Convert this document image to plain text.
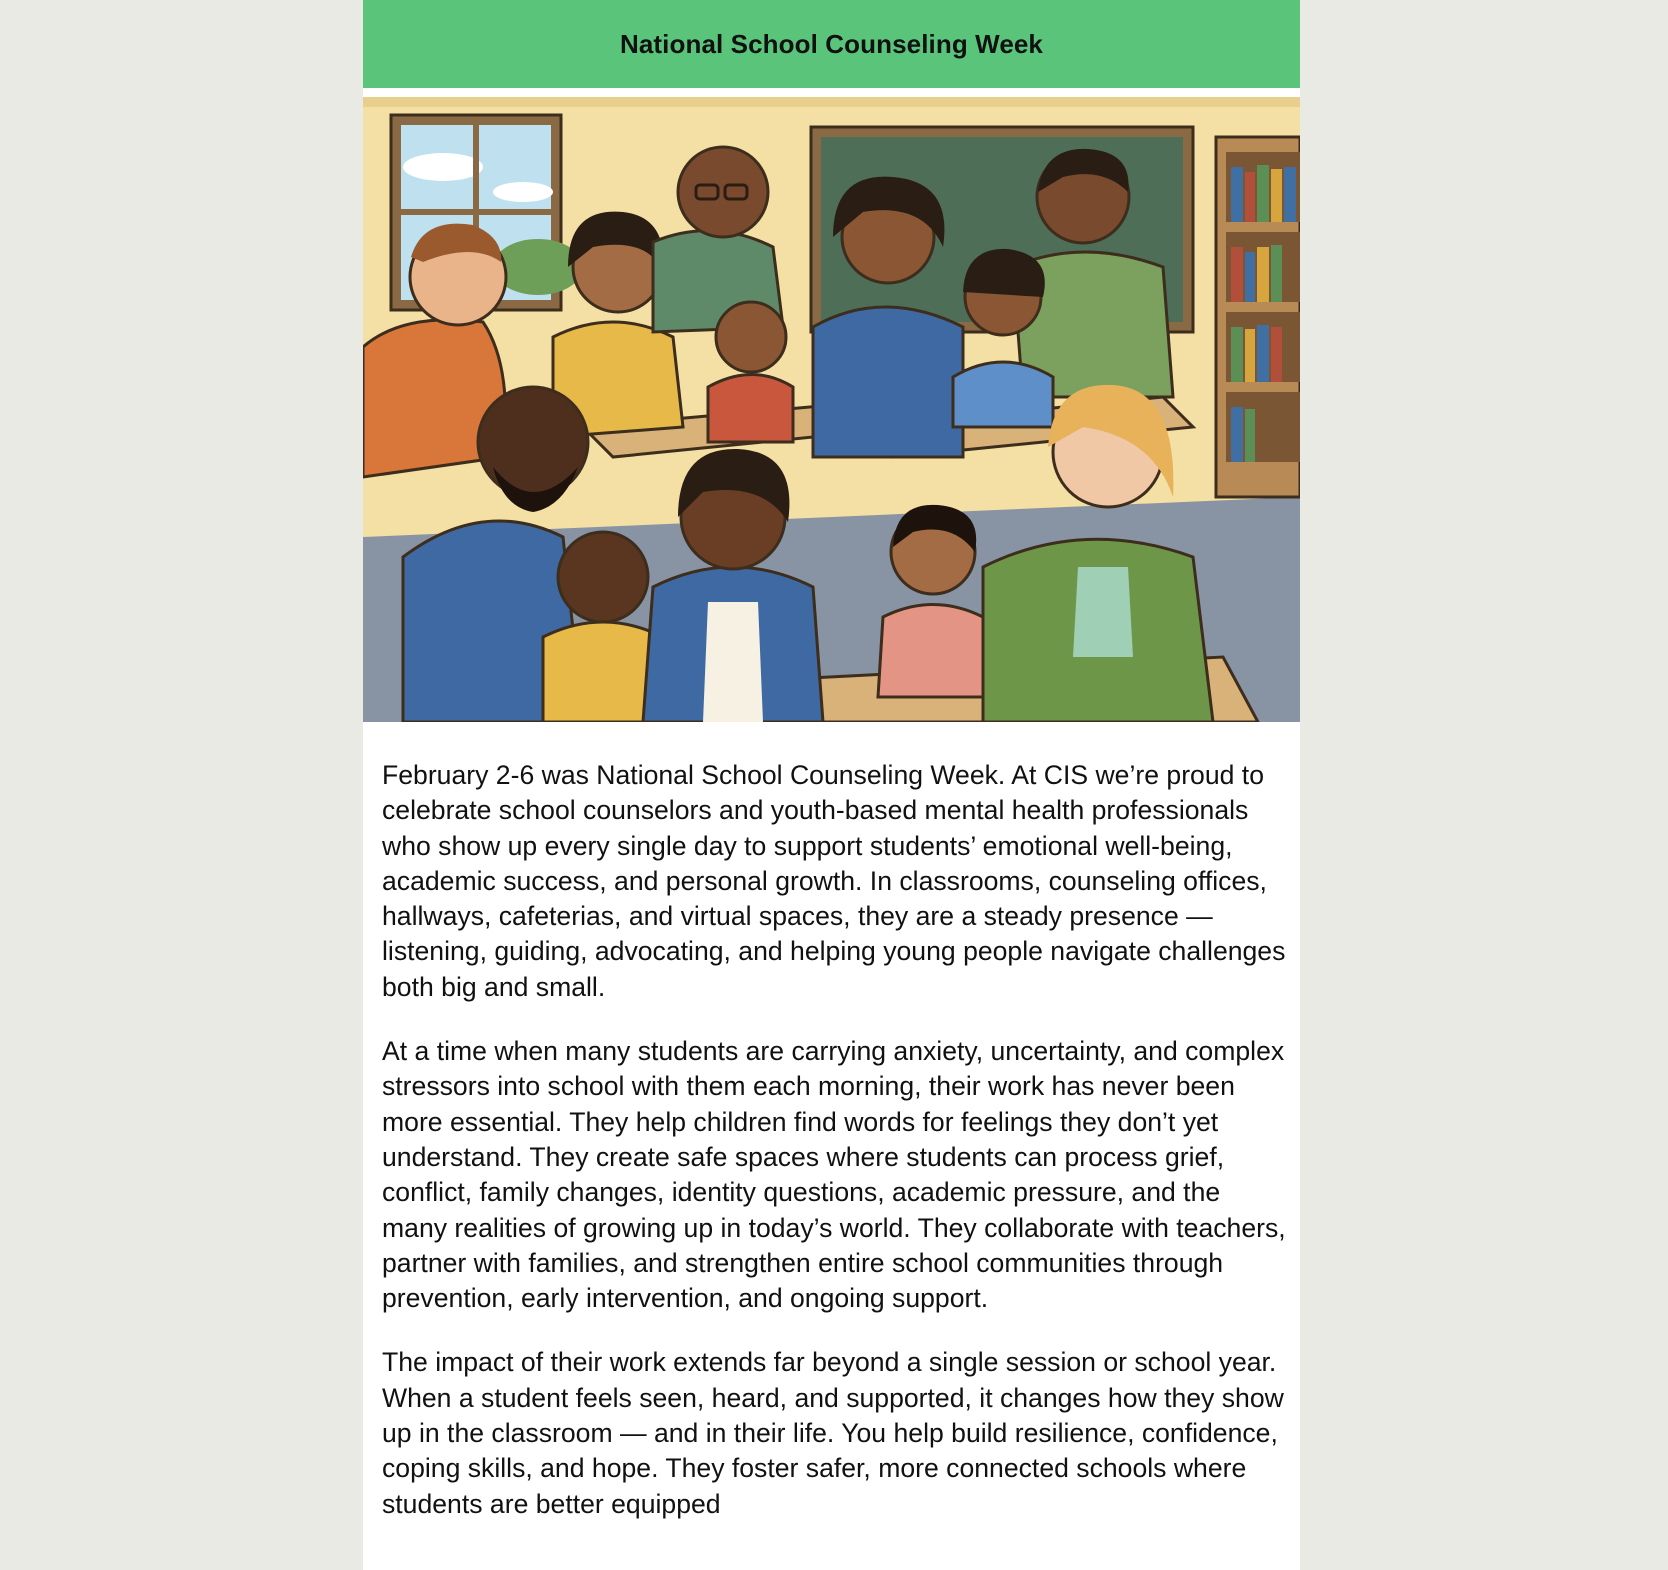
National School Counseling Week

February 2-6 was National School Counseling Week. At CIS we’re proud to celebrate school counselors and youth-based mental health professionals who show up every single day to support students’ emotional well-being, academic success, and personal growth. In classrooms, counseling offices, hallways, cafeterias, and virtual spaces, they are a steady presence — listening, guiding, advocating, and helping young people navigate challenges both big and small.

At a time when many students are carrying anxiety, uncertainty, and complex stressors into school with them each morning, their work has never been more essential. They help children find words for feelings they don’t yet understand. They create safe spaces where students can process grief, conflict, family changes, identity questions, academic pressure, and the many realities of growing up in today’s world. They collaborate with teachers, partner with families, and strengthen entire school communities through prevention, early intervention, and ongoing support.

The impact of their work extends far beyond a single session or school year. When a student feels seen, heard, and supported, it changes how they show up in the classroom — and in their life. You help build resilience, confidence, coping skills, and hope. They foster safer, more connected schools where students are better equipped
